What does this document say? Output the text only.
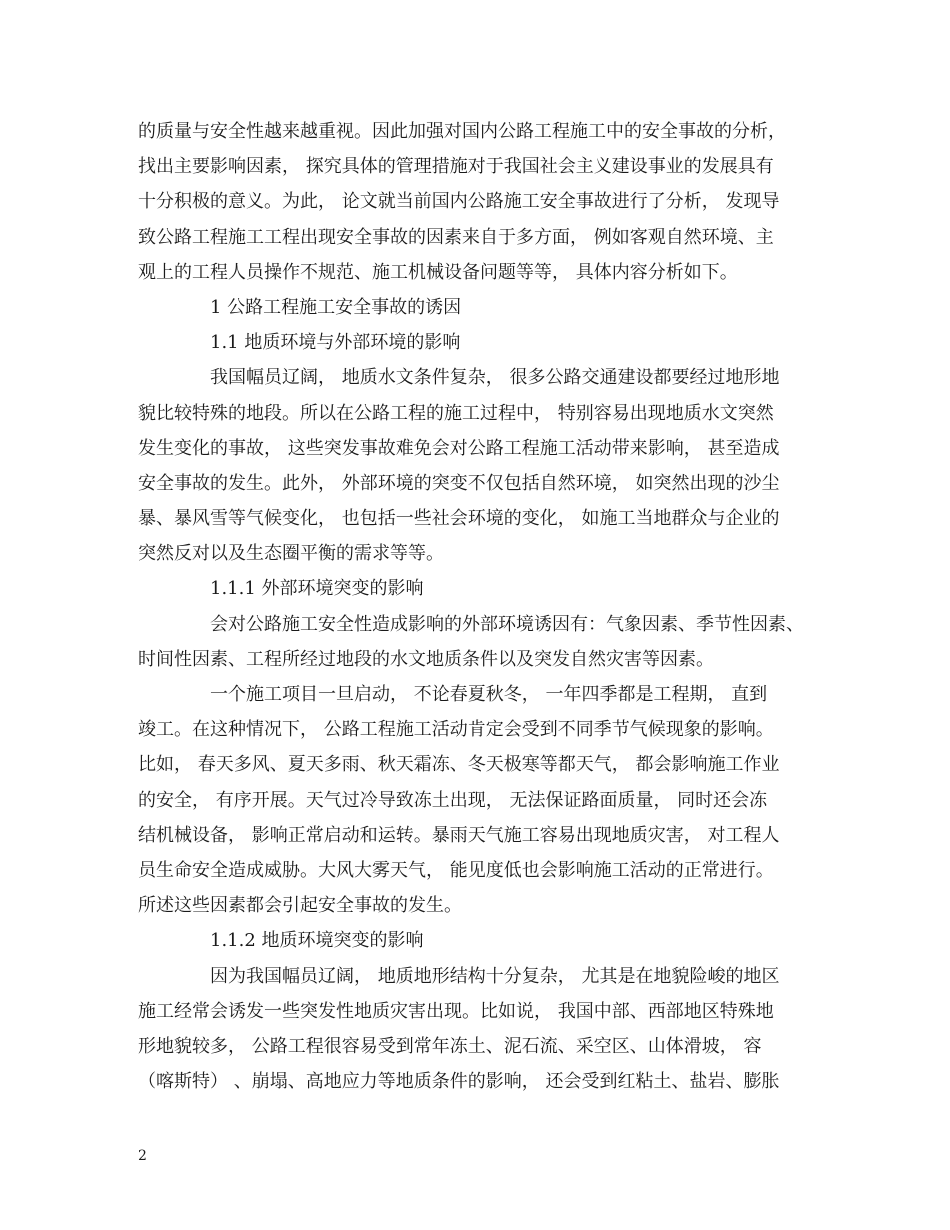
的质量与安全性越来越重视。因此加强对国内公路工程施工中的安全事故的分析，
找出主要影响因素， 探究具体的管理措施对于我国社会主义建设事业的发展具有
十分积极的意义。为此， 论文就当前国内公路施工安全事故进行了分析， 发现导
致公路工程施工工程出现安全事故的因素来自于多方面， 例如客观自然环境、主
观上的工程人员操作不规范、施工机械设备问题等等， 具体内容分析如下。
1 公路工程施工安全事故的诱因
1.1 地质环境与外部环境的影响
我国幅员辽阔， 地质水文条件复杂， 很多公路交通建设都要经过地形地
貌比较特殊的地段。所以在公路工程的施工过程中， 特别容易出现地质水文突然
发生变化的事故， 这些突发事故难免会对公路工程施工活动带来影响， 甚至造成
安全事故的发生。此外， 外部环境的突变不仅包括自然环境， 如突然出现的沙尘
暴、暴风雪等气候变化， 也包括一些社会环境的变化， 如施工当地群众与企业的
突然反对以及生态圈平衡的需求等等。
1.1.1 外部环境突变的影响
会对公路施工安全性造成影响的外部环境诱因有：气象因素、季节性因素、
时间性因素、工程所经过地段的水文地质条件以及突发自然灾害等因素。
一个施工项目一旦启动， 不论春夏秋冬， 一年四季都是工程期， 直到
竣工。在这种情况下， 公路工程施工活动肯定会受到不同季节气候现象的影响。
比如， 春天多风、夏天多雨、秋天霜冻、冬天极寒等都天气， 都会影响施工作业
的安全， 有序开展。天气过冷导致冻土出现， 无法保证路面质量， 同时还会冻
结机械设备， 影响正常启动和运转。暴雨天气施工容易出现地质灾害， 对工程人
员生命安全造成威胁。大风大雾天气， 能见度低也会影响施工活动的正常进行。
所述这些因素都会引起安全事故的发生。
1.1.2 地质环境突变的影响
因为我国幅员辽阔， 地质地形结构十分复杂， 尤其是在地貌险峻的地区
施工经常会诱发一些突发性地质灾害出现。比如说， 我国中部、西部地区特殊地
形地貌较多， 公路工程很容易受到常年冻土、泥石流、采空区、山体滑坡， 容
（喀斯特） 、崩塌、高地应力等地质条件的影响， 还会受到红粘土、盐岩、膨胀
2
